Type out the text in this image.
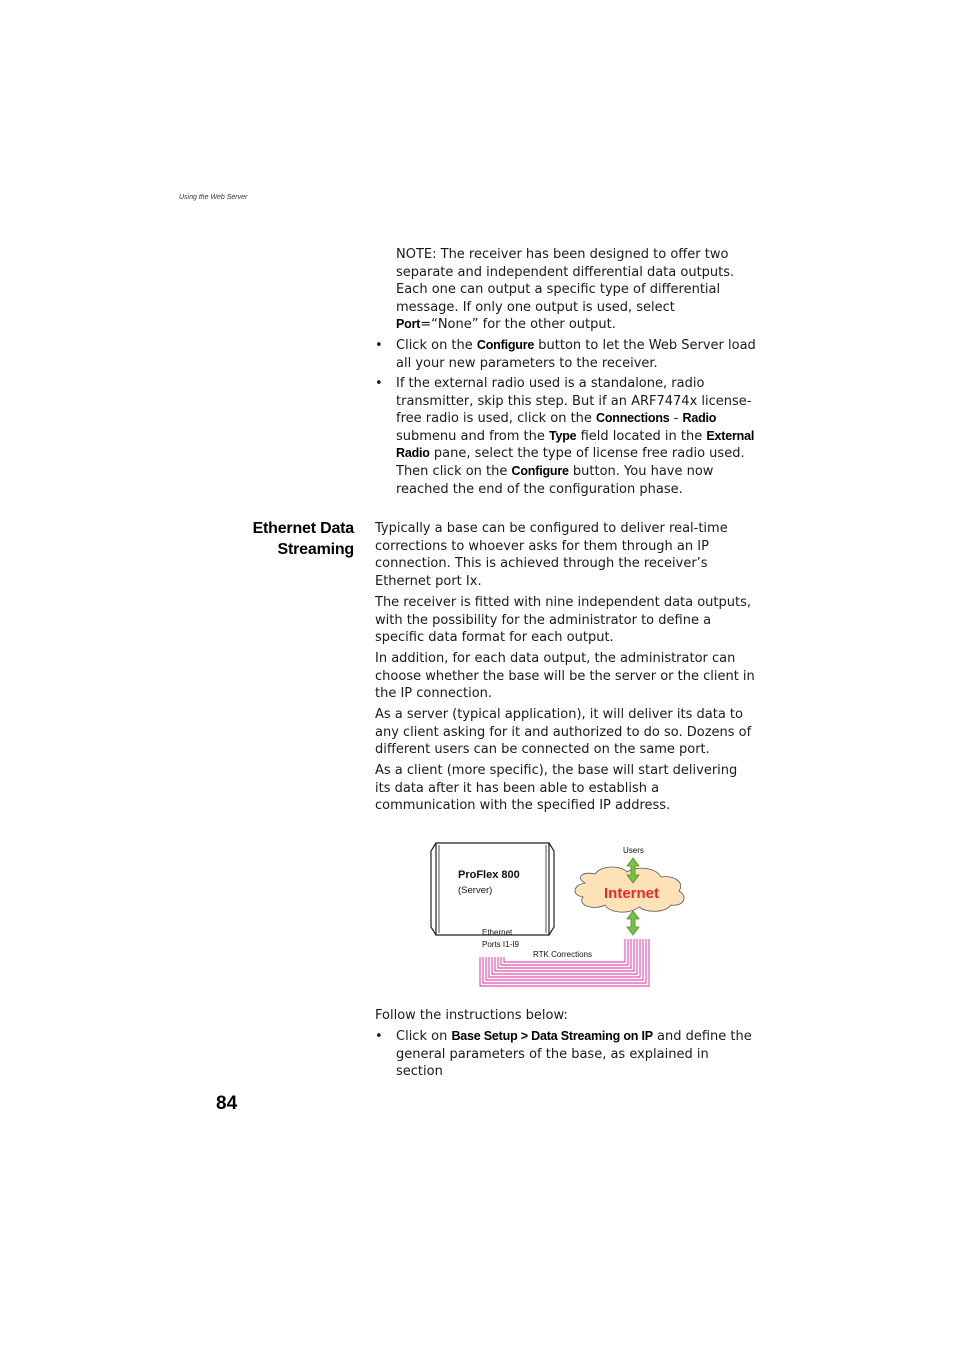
Using the Web Server
NOTE: The receiver has been designed to offer two separate and independent differential data outputs. Each one can output a specific type of differential message. If only one output is used, select Port=“None” for the other output.
• Click on the Configure button to let the Web Server load all your new parameters to the receiver.
• If the external radio used is a standalone, radio transmitter, skip this step. But if an ARF7474x license-free radio is used, click on the Connections - Radio submenu and from the Type field located in the External Radio pane, select the type of license free radio used. Then click on the Configure button. You have now reached the end of the configuration phase.
Ethernet Data
Streaming
Typically a base can be configured to deliver real-time corrections to whoever asks for them through an IP connection. This is achieved through the receiver’s Ethernet port Ix.
The receiver is fitted with nine independent data outputs, with the possibility for the administrator to define a specific data format for each output.
In addition, for each data output, the administrator can choose whether the base will be the server or the client in the IP connection.
As a server (typical application), it will deliver its data to any client asking for it and authorized to do so. Dozens of different users can be connected on the same port.
As a client (more specific), the base will start delivering its data after it has been able to establish a communication with the specified IP address.
ProFlex 800
(Server)
Ethernet
Ports I1-I9
Internet
Users
RTK Corrections
Follow the instructions below:
• Click on Base Setup > Data Streaming on IP and define the general parameters of the base, as explained in section
84
